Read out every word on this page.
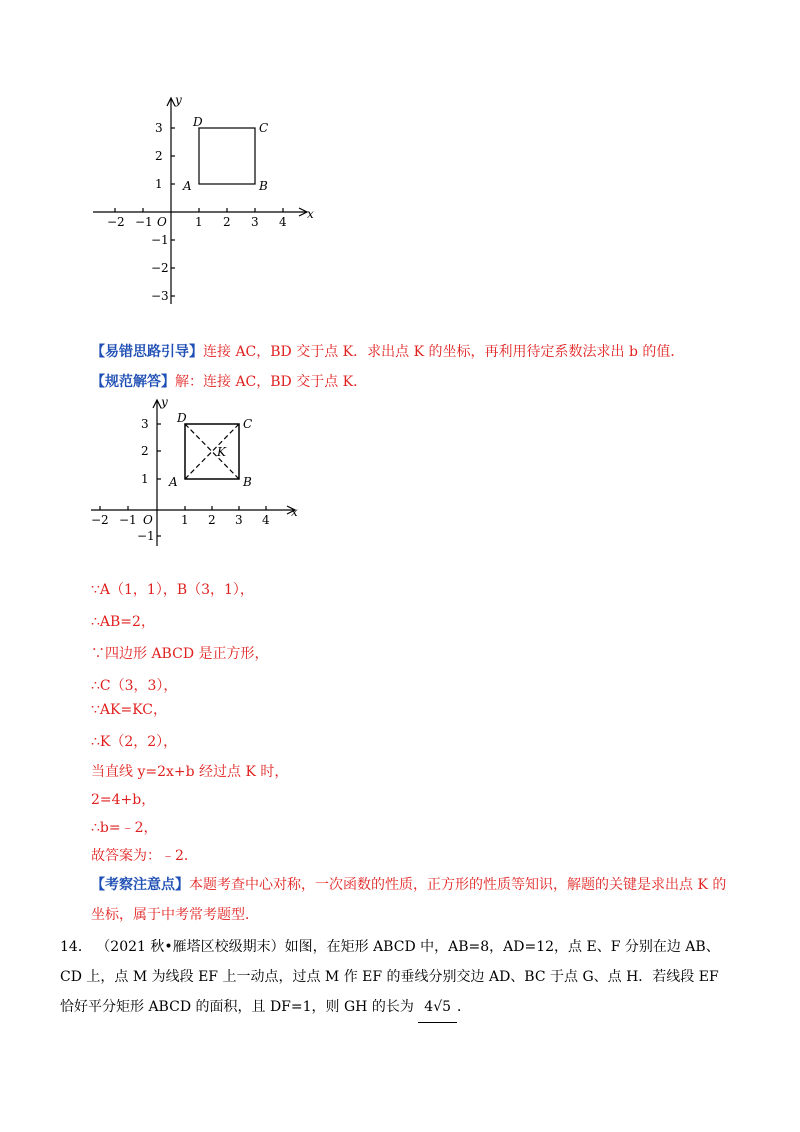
−2 −1	1 2 3 4
3
2
1
−1
−2
−3
O
x
y
D	C
A	B
【易错思路引导】连接 AC，BD 交于点 K．求出点 K 的坐标，再利用待定系数法求出 b 的值．
【规范解答】解：连接 AC，BD 交于点 K．
−2 −1	1 2 3 4
3
2
1
−1
O
x
y
D	C
A	B
K
∵A（1，1），B（3，1），
∴AB=2，
∵四边形 ABCD 是正方形，
∴C（3，3），
∵AK=KC，
∴K（2，2），
当直线 y=2x+b 经过点 K 时，
2=4+b，
∴b=﹣2，
故答案为：﹣2．
【考察注意点】本题考查中心对称，一次函数的性质，正方形的性质等知识，解题的关键是求出点 K 的坐标，属于中考常考题型．
14． （2021 秋•雁塔区校级期末）如图，在矩形 ABCD 中，AB=8，AD=12，点 E、F 分别在边 AB、CD 上，点 M 为线段 EF 上一动点，过点 M 作 EF 的垂线分别交边 AD、BC 于点 G、点 H．若线段 EF 恰好平分矩形 ABCD 的面积，且 DF=1，则 GH 的长为 4√5 ．
